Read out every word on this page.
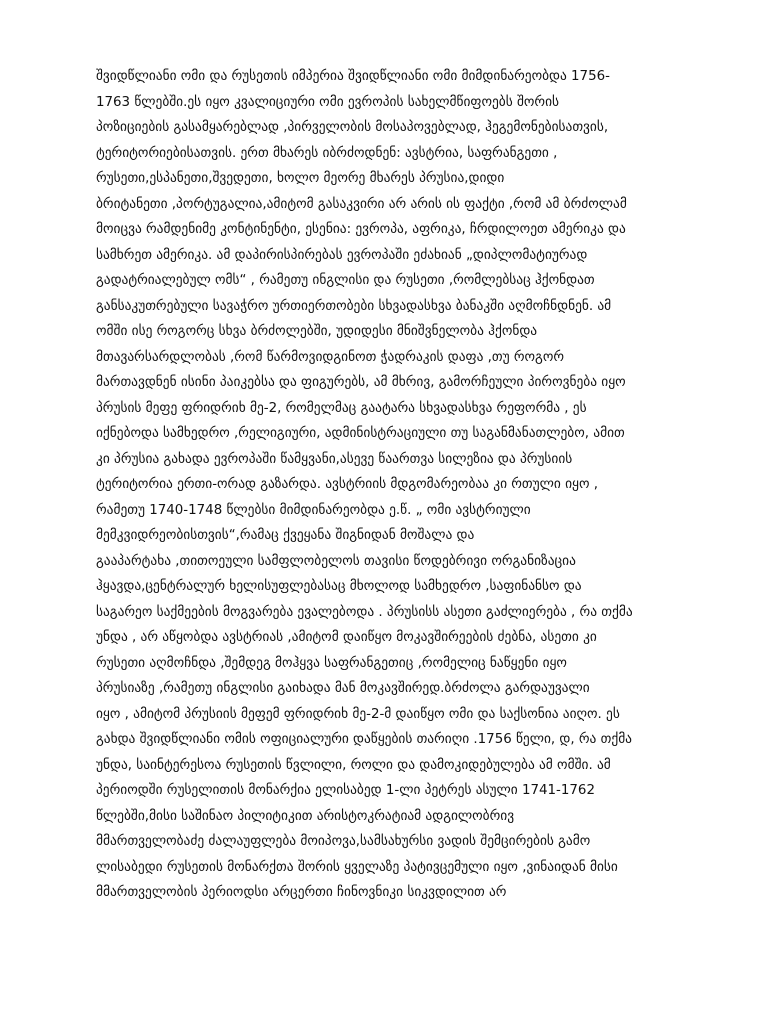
შვიდწლიანი ომი და რუსეთის იმპერია შვიდწლიანი ომი მიმდინარეობდა 1756-
1763 წლებში.ეს იყო კვალიციური ომი ევროპის სახელმწიფოებს შორის
პოზიციების გასამყარებლად ,პირველობის მოსაპოვებლად, ჰეგემონებისათვის,
ტერიტორიებისათვის. ერთ მხარეს იბრძოდნენ: ავსტრია, საფრანგეთი ,
რუსეთი,ესპანეთი,შვედეთი, ხოლო მეორე მხარეს პრუსია,დიდი
ბრიტანეთი ,პორტუგალია,ამიტომ გასაკვირი არ არის ის ფაქტი ,რომ ამ ბრძოლამ
მოიცვა რამდენიმე კონტინენტი, ესენია: ევროპა, აფრიკა, ჩრდილოეთ ამერიკა და
სამხრეთ ამერიკა. ამ დაპირისპირებას ევროპაში ეძახიან „დიპლომატიურად
გადატრიალებულ ომს“ , რამეთუ ინგლისი და რუსეთი ,რომლებსაც ჰქონდათ
განსაკუთრებული სავაჭრო ურთიერთობები სხვადასხვა ბანაკში აღმოჩნდნენ. ამ
ომში ისე როგორც სხვა ბრძოლებში, უდიდესი მნიშვნელობა ჰქონდა
მთავარსარდლობას ,რომ წარმოვიდგინოთ ჭადრაკის დაფა ,თუ როგორ
მართავდნენ ისინი პაიკებსა და ფიგურებს, ამ მხრივ, გამორჩეული პიროვნება იყო
პრუსის მეფე ფრიდრიხ მე-2, რომელმაც გაატარა სხვადასხვა რეფორმა , ეს
იქნებოდა სამხედრო ,რელიგიური, ადმინისტრაციული თუ საგანმანათლებო, ამით
კი პრუსია გახადა ევროპაში წამყვანი,ასევე წაართვა სილეზია და პრუსიის
ტერიტორია ერთი-ორად გაზარდა. ავსტრიის მდგომარეობაა კი რთული იყო ,
რამეთუ 1740-1748 წლებსი მიმდინარეობდა ე.წ. „ ომი ავსტრიული
მემკვიდრეობისთვის“,რამაც ქვეყანა შიგნიდან მოშალა და
გააპარტახა ,თითოეული სამფლობელოს თავისი წოდებრივი ორგანიზაცია
ჰყავდა,ცენტრალურ ხელისუფლებასაც მხოლოდ სამხედრო ,საფინანსო და
საგარეო საქმეების მოგვარება ევალებოდა . პრუსისს ასეთი გაძლიერება , რა თქმა
უნდა , არ აწყობდა ავსტრიას ,ამიტომ დაიწყო მოკავშირეების ძებნა, ასეთი კი
რუსეთი აღმოჩნდა ,შემდეგ მოჰყვა საფრანგეთიც ,რომელიც ნაწყენი იყო
პრუსიაზე ,რამეთუ ინგლისი გაიხადა მან მოკავშირედ.ბრძოლა გარდაუვალი
იყო , ამიტომ პრუსიის მეფემ ფრიდრიხ მე-2-მ დაიწყო ომი და საქსონია აიღო. ეს
გახდა შვიდწლიანი ომის ოფიციალური დაწყების თარიღი .1756 წელი, დ, რა თქმა
უნდა, საინტერესოა რუსეთის წვლილი, როლი და დამოკიდებულება ამ ომში. ამ
პერიოდში რუსელითის მონარქია ელისაბედ 1-ლი პეტრეს ასული 1741-1762
წლებში,მისი საშინაო პილიტიკით არისტოკრატიამ ადგილობრივ
მმართველობაძე ძალაუფლება მოიპოვა,სამსახურსი ვადის შემცირების გამო
ლისაბედი რუსეთის მონარქთა შორის ყველაზე პატივცემული იყო ,ვინაიდან მისი
მმართველობის პერიოდსი არცერთი ჩინოვნიკი სიკვდილით არ
